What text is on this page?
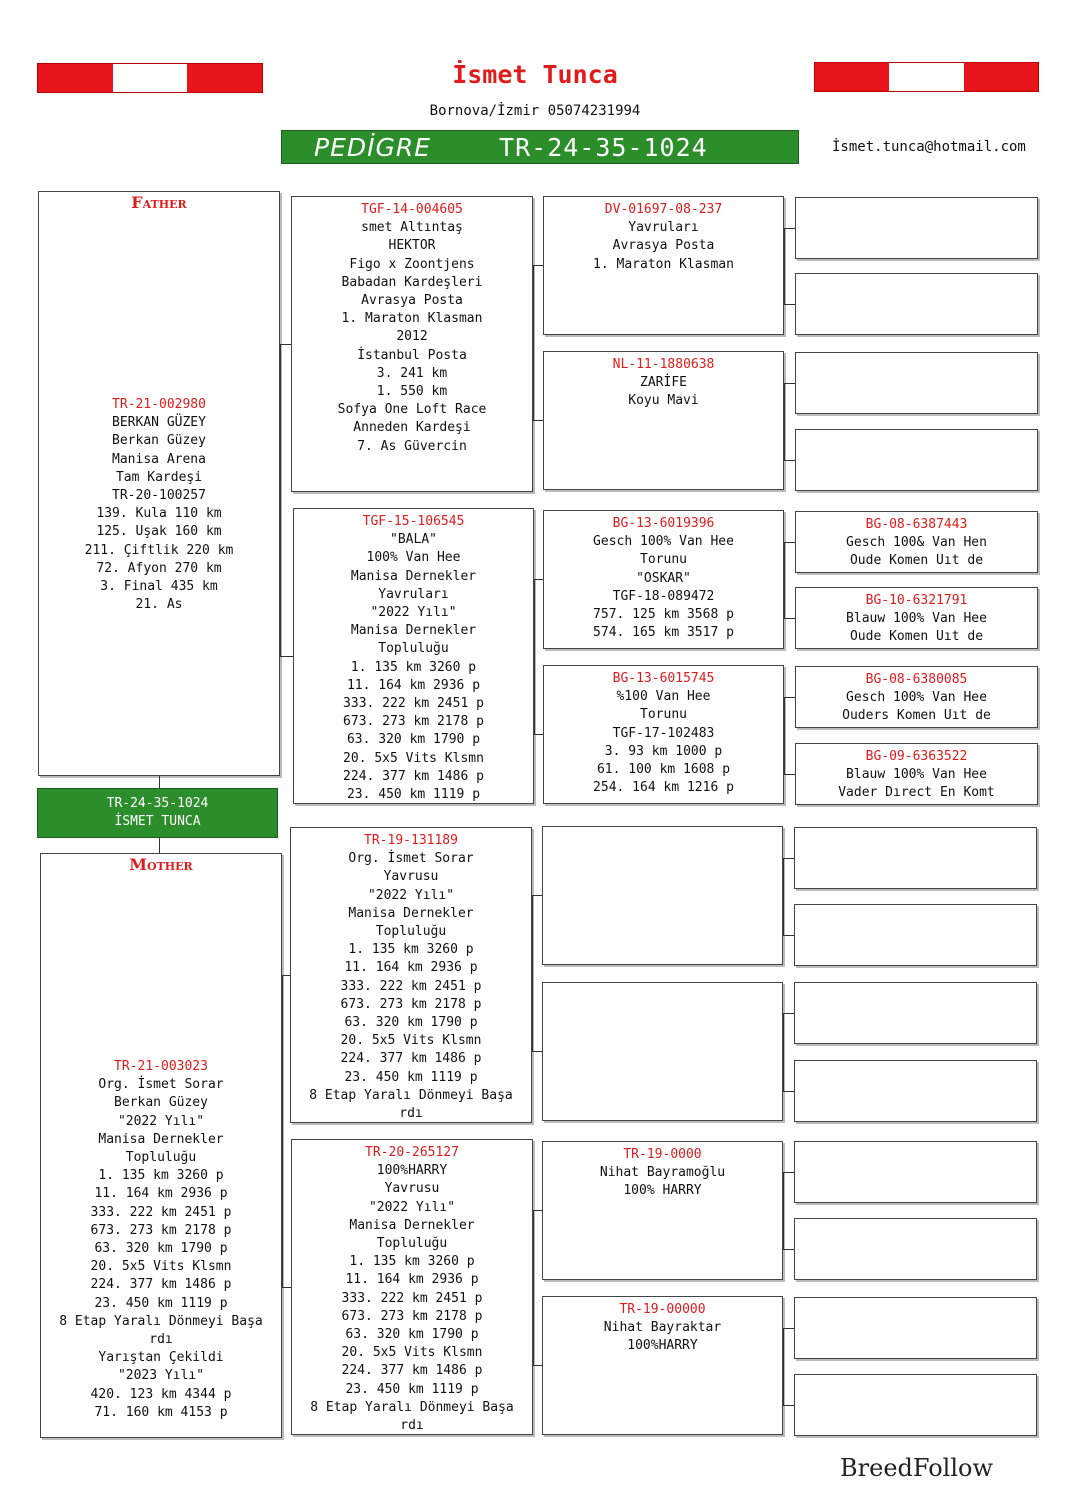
İsmet Tunca
Bornova/İzmir 05074231994
PEDİGRE	TR-24-35-1024	İsmet.tunca@hotmail.com
Father
TR-21-002980
BERKAN GÜZEY
Berkan Güzey
Manisa Arena
Tam Kardeşi
TR-20-100257
139. Kula 110 km
125. Uşak 160 km
211. Çiftlik 220 km
72. Afyon 270 km
3. Final 435 km
21. As
TR-24-35-1024
İSMET TUNCA
Mother
TR-21-003023
Org. İsmet Sorar
Berkan Güzey
"2022 Yılı"
Manisa Dernekler
Topluluğu
1. 135 km 3260 p
11. 164 km 2936 p
333. 222 km 2451 p
673. 273 km 2178 p
63. 320 km 1790 p
20. 5x5 Vits Klsmn
224. 377 km 1486 p
23. 450 km 1119 p
8 Etap Yaralı Dönmeyi Başa
rdı
Yarıştan Çekildi
"2023 Yılı"
420. 123 km 4344 p
71. 160 km 4153 p
TGF-14-004605
smet Altıntaş
HEKTOR
Figo x Zoontjens
Babadan Kardeşleri
Avrasya Posta
1. Maraton Klasman
2012
İstanbul Posta
3. 241 km
1. 550 km
Sofya One Loft Race
Anneden Kardeşi
7. As Güvercin
TGF-15-106545
"BALA"
100% Van Hee
Manisa Dernekler
Yavruları
"2022 Yılı"
Manisa Dernekler
Topluluğu
1. 135 km 3260 p
11. 164 km 2936 p
333. 222 km 2451 p
673. 273 km 2178 p
63. 320 km 1790 p
20. 5x5 Vits Klsmn
224. 377 km 1486 p
23. 450 km 1119 p
TR-19-131189
Org. İsmet Sorar
Yavrusu
"2022 Yılı"
Manisa Dernekler
Topluluğu
1. 135 km 3260 p
11. 164 km 2936 p
333. 222 km 2451 p
673. 273 km 2178 p
63. 320 km 1790 p
20. 5x5 Vits Klsmn
224. 377 km 1486 p
23. 450 km 1119 p
8 Etap Yaralı Dönmeyi Başa
rdı
TR-20-265127
100%HARRY
Yavrusu
"2022 Yılı"
Manisa Dernekler
Topluluğu
1. 135 km 3260 p
11. 164 km 2936 p
333. 222 km 2451 p
673. 273 km 2178 p
63. 320 km 1790 p
20. 5x5 Vits Klsmn
224. 377 km 1486 p
23. 450 km 1119 p
8 Etap Yaralı Dönmeyi Başa
rdı
DV-01697-08-237
Yavruları
Avrasya Posta
1. Maraton Klasman
NL-11-1880638
ZARİFE
Koyu Mavi
BG-13-6019396
Gesch 100% Van Hee
Torunu
"OSKAR"
TGF-18-089472
757. 125 km 3568 p
574. 165 km 3517 p
BG-13-6015745
%100 Van Hee
Torunu
TGF-17-102483
3. 93 km 1000 p
61. 100 km 1608 p
254. 164 km 1216 p
TR-19-0000
Nihat Bayramoğlu
100% HARRY
TR-19-00000
Nihat Bayraktar
100%HARRY
BG-08-6387443
Gesch 100& Van Hen
Oude Komen Uıt de
BG-10-6321791
Blauw 100% Van Hee
Oude Komen Uıt de
BG-08-6380085
Gesch 100% Van Hee
Ouders Komen Uıt de
BG-09-6363522
Blauw 100% Van Hee
Vader Dırect En Komt
BreedFollow
